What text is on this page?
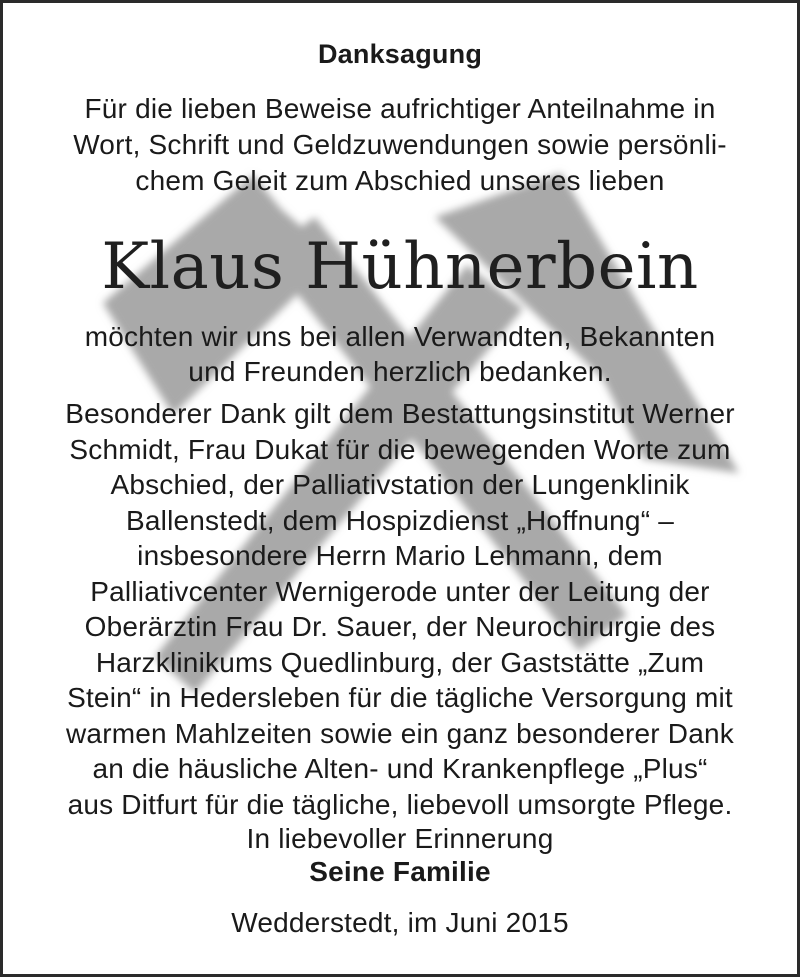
Danksagung
Für die lieben Beweise aufrichtiger Anteilnahme in
Wort, Schrift und Geldzuwendungen sowie persönli-
chem Geleit zum Abschied unseres lieben
Klaus Hühnerbein
möchten wir uns bei allen Verwandten, Bekannten
und Freunden herzlich bedanken.
Besonderer Dank gilt dem Bestattungsinstitut Werner
Schmidt, Frau Dukat für die bewegenden Worte zum
Abschied, der Palliativstation der Lungenklinik
Ballenstedt, dem Hospizdienst „Hoffnung“ –
insbesondere Herrn Mario Lehmann, dem
Palliativcenter Wernigerode unter der Leitung der
Oberärztin Frau Dr. Sauer, der Neurochirurgie des
Harzklinikums Quedlinburg, der Gaststätte „Zum
Stein“ in Hedersleben für die tägliche Versorgung mit
warmen Mahlzeiten sowie ein ganz besonderer Dank
an die häusliche Alten- und Krankenpflege „Plus“
aus Ditfurt für die tägliche, liebevoll umsorgte Pflege.
In liebevoller Erinnerung
Seine Familie
Wedderstedt, im Juni 2015
